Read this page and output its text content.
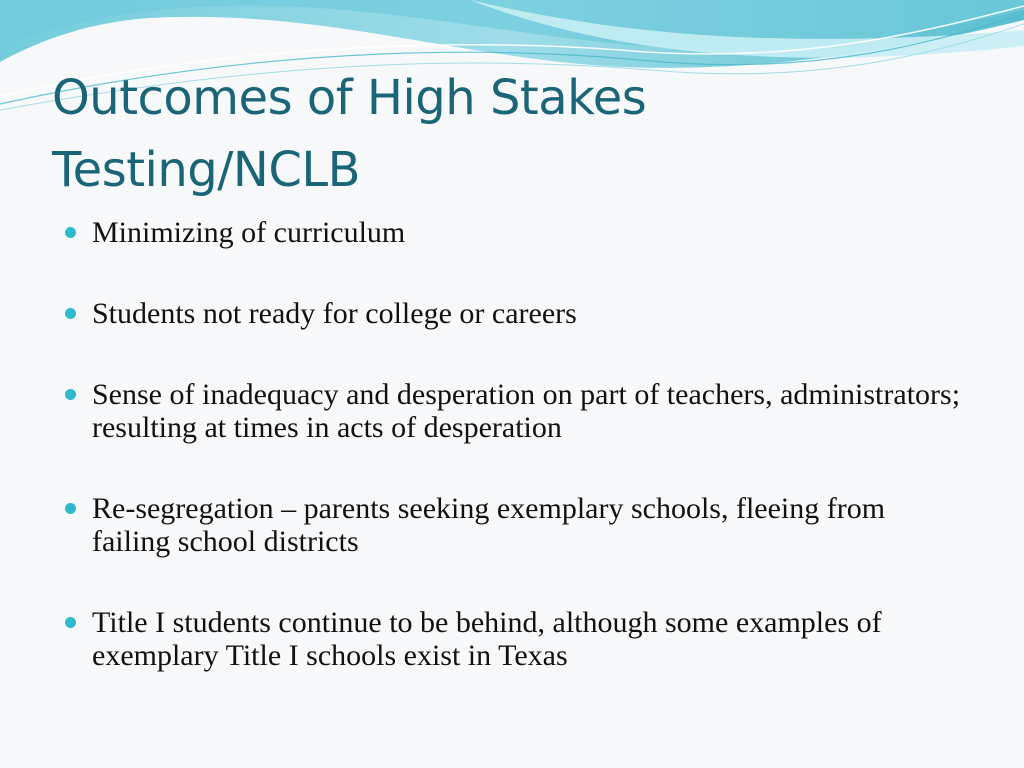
Outcomes of High Stakes
Testing/NCLB
Minimizing of curriculum
Students not ready for college or careers
Sense of inadequacy and desperation on part of teachers, administrators; resulting at times in acts of desperation
Re-segregation – parents seeking exemplary schools, fleeing from failing school districts
Title I students continue to be behind, although some examples of exemplary Title I schools exist in Texas
